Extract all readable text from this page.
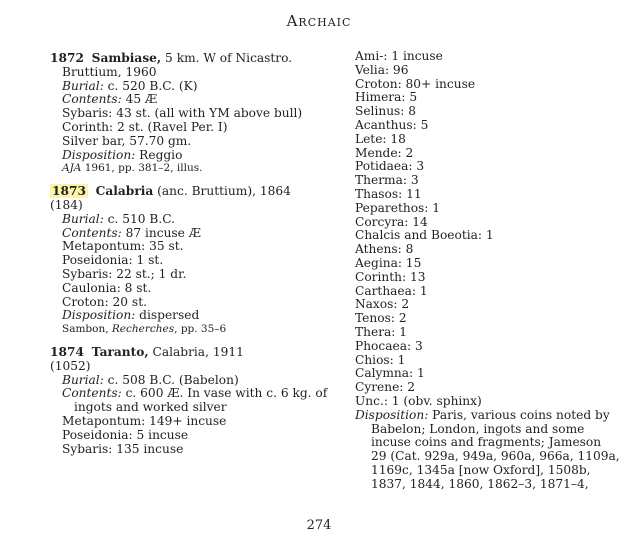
Archaic
1872 Sambiase, 5 km. W of Nicastro.
Bruttium, 1960
Burial: c. 520 B.C. (K)
Contents: 45 Æ
Sybaris: 43 st. (all with ΥΜ above bull)
Corinth: 2 st. (Ravel Per. I)
Silver bar, 57.70 gm.
Disposition: Reggio
AJA 1961, pp. 381–2, illus.
1873 Calabria (anc. Bruttium), 1864
(184)
Burial: c. 510 B.C.
Contents: 87 incuse Æ
Metapontum: 35 st.
Poseidonia: 1 st.
Sybaris: 22 st.; 1 dr.
Caulonia: 8 st.
Croton: 20 st.
Disposition: dispersed
Sambon, Recherches, pp. 35–6
1874 Taranto, Calabria, 1911
(1052)
Burial: c. 508 B.C. (Babelon)
Contents: c. 600 Æ. In vase with c. 6 kg. of
ingots and worked silver
Metapontum: 149+ incuse
Poseidonia: 5 incuse
Sybaris: 135 incuse
Ami-: 1 incuse
Velia: 96
Croton: 80+ incuse
Himera: 5
Selinus: 8
Acanthus: 5
Lete: 18
Mende: 2
Potidaea: 3
Therma: 3
Thasos: 11
Peparethos: 1
Corcyra: 14
Chalcis and Boeotia: 1
Athens: 8
Aegina: 15
Corinth: 13
Carthaea: 1
Naxos: 2
Tenos: 2
Thera: 1
Phocaea: 3
Chios: 1
Calymna: 1
Cyrene: 2
Unc.: 1 (obv. sphinx)
Disposition: Paris, various coins noted by
Babelon; London, ingots and some
incuse coins and fragments; Jameson
29 (Cat. 929a, 949a, 960a, 966a, 1109a,
1169c, 1345a [now Oxford], 1508b,
1837, 1844, 1860, 1862–3, 1871–4,
274
